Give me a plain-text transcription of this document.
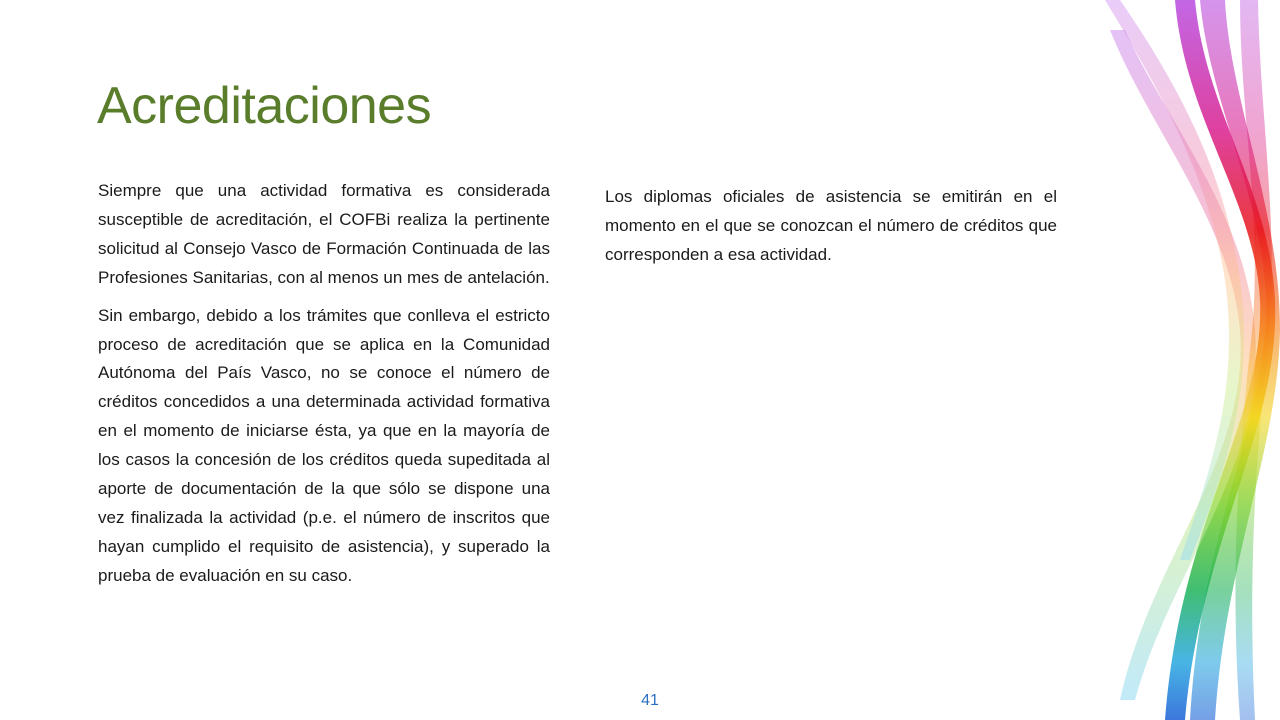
Acreditaciones

Siempre que una actividad formativa es considerada susceptible de acreditación, el COFBi realiza la pertinente solicitud al Consejo Vasco de Formación Continuada de las Profesiones Sanitarias, con al menos un mes de antelación.

Sin embargo, debido a los trámites que conlleva el estricto proceso de acreditación que se aplica en la Comunidad Autónoma del País Vasco, no se conoce el número de créditos concedidos a una determinada actividad formativa en el momento de iniciarse ésta, ya que en la mayoría de los casos la concesión de los créditos queda supeditada al aporte de documentación de la que sólo se dispone una vez finalizada la actividad (p.e. el número de inscritos que hayan cumplido el requisito de asistencia), y superado la prueba de evaluación en su caso.

Los diplomas oficiales de asistencia se emitirán en el momento en el que se conozcan el número de créditos que corresponden a esa actividad.

41
